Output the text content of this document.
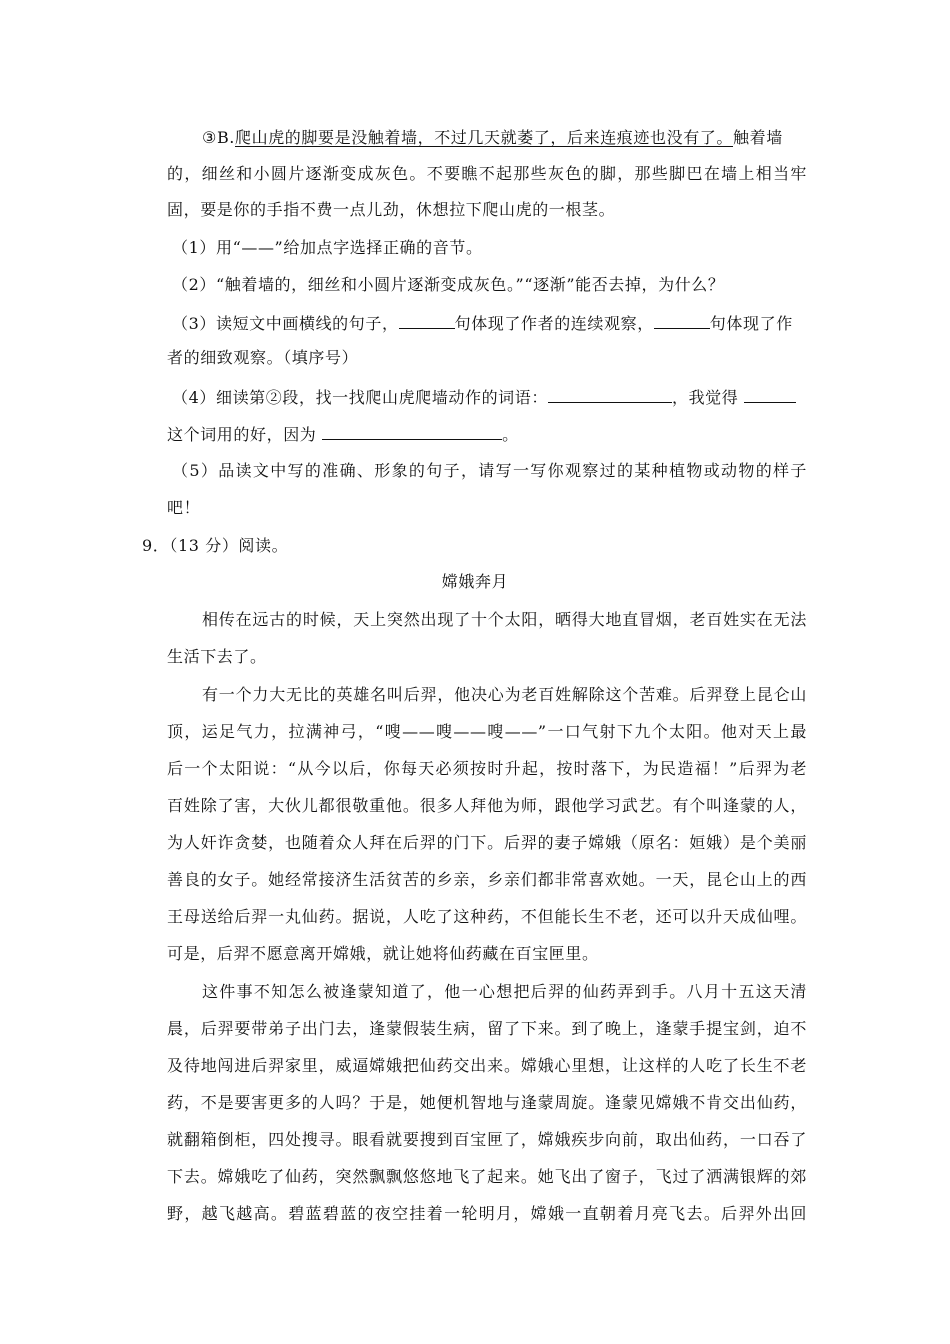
③B.爬山虎的脚要是没触着墙，不过几天就萎了，后来连痕迹也没有了。触着墙
的，细丝和小圆片逐渐变成灰色。不要瞧不起那些灰色的脚，那些脚巴在墙上相当牢
固，要是你的手指不费一点儿劲，休想拉下爬山虎的一根茎。
（1）用“——”给加点字选择正确的音节。
（2）“触着墙的，细丝和小圆片逐渐变成灰色。”“逐渐”能否去掉，为什么？
（3）读短文中画横线的句子，	句体现了作者的连续观察，	句体现了作
者的细致观察。（填序号）
（4）细读第②段，找一找爬山虎爬墙动作的词语：	，我觉得
这个词用的好，因为	。
（5）品读文中写的准确、形象的句子，请写一写你观察过的某种植物或动物的样子
吧！
9．（13 分）阅读。
嫦娥奔月
相传在远古的时候，天上突然出现了十个太阳，晒得大地直冒烟，老百姓实在无法
生活下去了。
有一个力大无比的英雄名叫后羿，他决心为老百姓解除这个苦难。后羿登上昆仑山
顶，运足气力，拉满神弓，“嗖——嗖——嗖——”一口气射下九个太阳。他对天上最
后一个太阳说：“从今以后，你每天必须按时升起，按时落下，为民造福！”后羿为老
百姓除了害，大伙儿都很敬重他。很多人拜他为师，跟他学习武艺。有个叫逢蒙的人，
为人奸诈贪婪，也随着众人拜在后羿的门下。后羿的妻子嫦娥（原名：姮娥）是个美丽
善良的女子。她经常接济生活贫苦的乡亲，乡亲们都非常喜欢她。一天，昆仑山上的西
王母送给后羿一丸仙药。据说，人吃了这种药，不但能长生不老，还可以升天成仙哩。
可是，后羿不愿意离开嫦娥，就让她将仙药藏在百宝匣里。
这件事不知怎么被逢蒙知道了，他一心想把后羿的仙药弄到手。八月十五这天清
晨，后羿要带弟子出门去，逢蒙假装生病，留了下来。到了晚上，逢蒙手提宝剑，迫不
及待地闯进后羿家里，威逼嫦娥把仙药交出来。嫦娥心里想，让这样的人吃了长生不老
药，不是要害更多的人吗？于是，她便机智地与逢蒙周旋。逢蒙见嫦娥不肯交出仙药，
就翻箱倒柜，四处搜寻。眼看就要搜到百宝匣了，嫦娥疾步向前，取出仙药，一口吞了
下去。嫦娥吃了仙药，突然飘飘悠悠地飞了起来。她飞出了窗子，飞过了洒满银辉的郊
野，越飞越高。碧蓝碧蓝的夜空挂着一轮明月，嫦娥一直朝着月亮飞去。后羿外出回
